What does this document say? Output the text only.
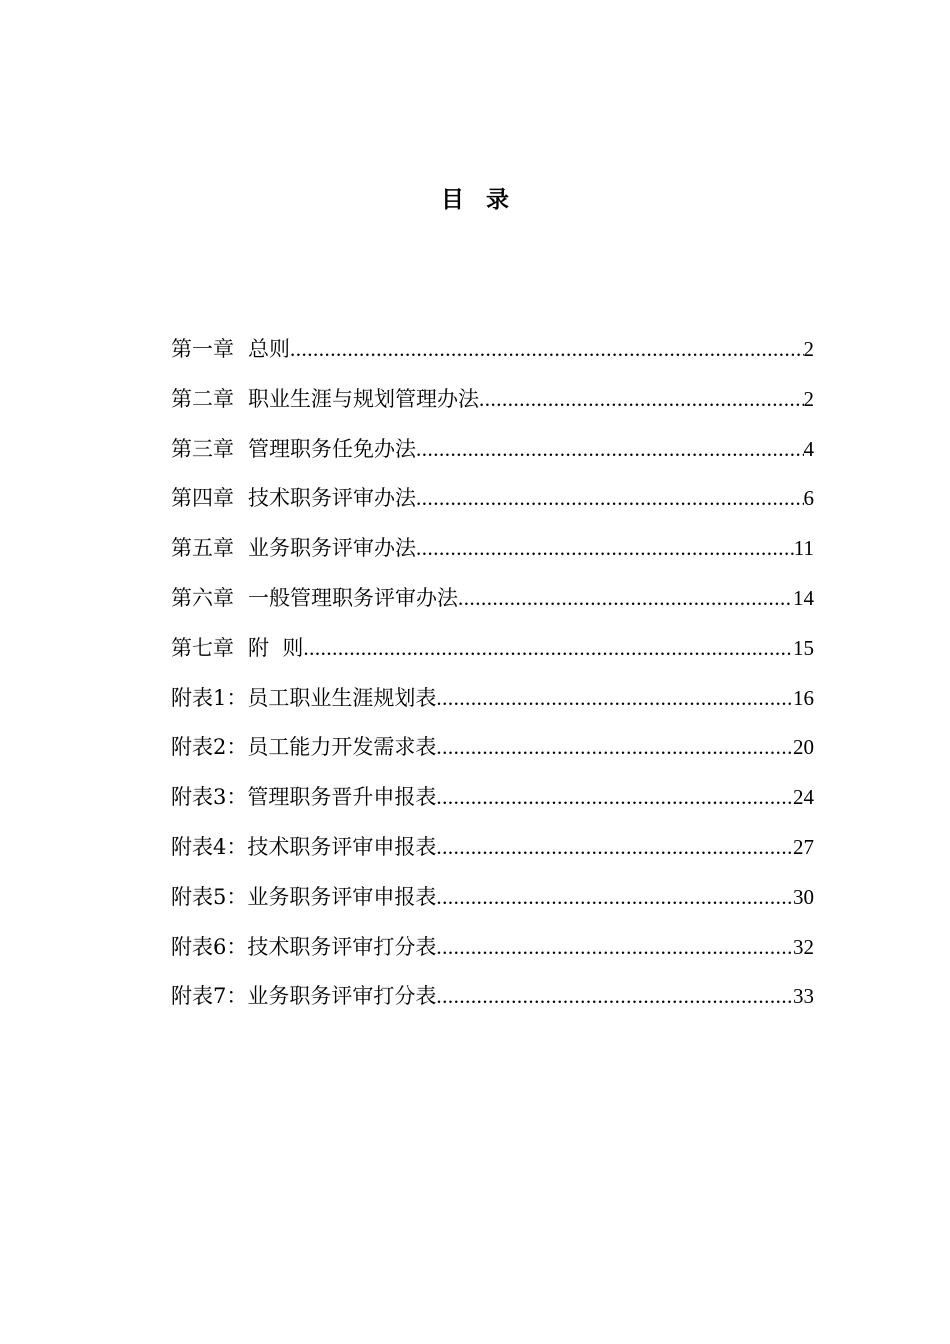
目录
第一章 总则 .....	2
第二章 职业生涯与规划管理办法 .....	2
第三章 管理职务任免办法 .....	4
第四章 技术职务评审办法 .....	6
第五章 业务职务评审办法 .....	11
第六章 一般管理职务评审办法 .....	14
第七章 附  则 .....	15
附表1：员工职业生涯规划表 .....	16
附表2：员工能力开发需求表 .....	20
附表3：管理职务晋升申报表 .....	24
附表4：技术职务评审申报表 .....	27
附表5：业务职务评审申报表 .....	30
附表6：技术职务评审打分表 .....	32
附表7：业务职务评审打分表 .....	33
